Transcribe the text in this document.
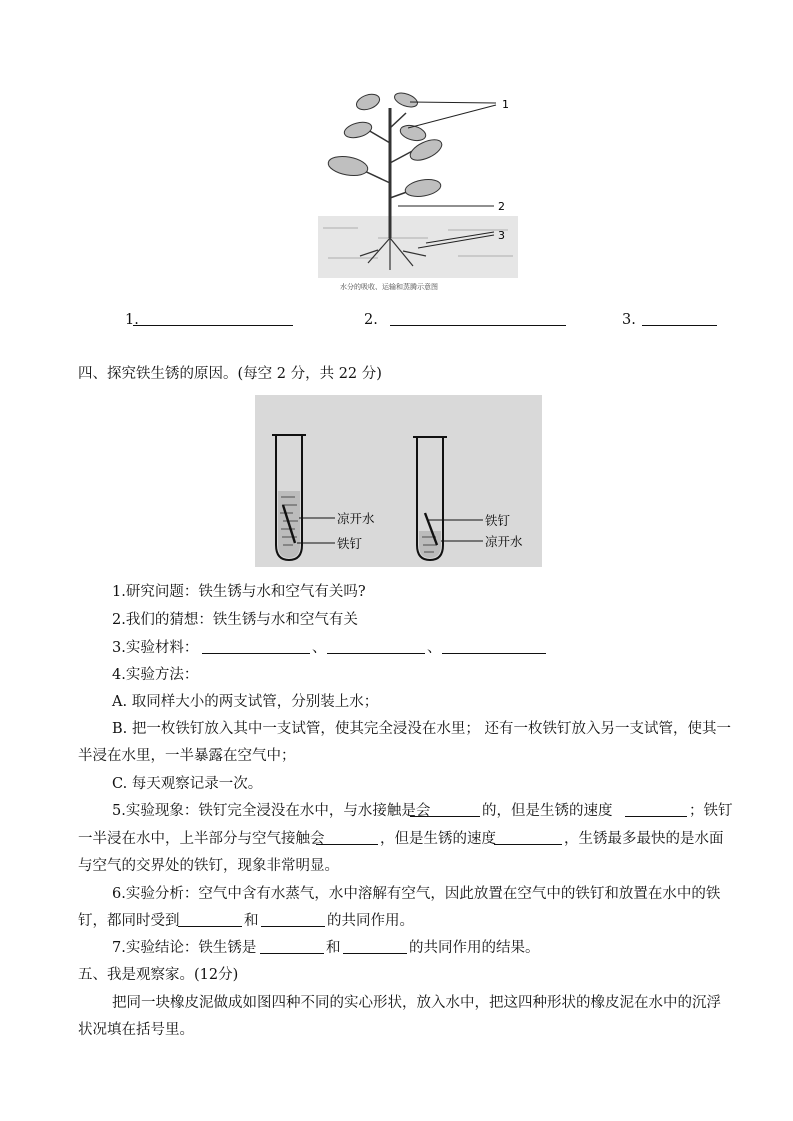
1
2
3
水分的吸收、运输和蒸腾示意图
1.	2.	3.
四、探究铁生锈的原因。(每空 2 分，共 22 分)
凉开水
铁钉
铁钉
凉开水
1.研究问题：铁生锈与水和空气有关吗?
2.我们的猜想：铁生锈与水和空气有关
3.实验材料：	、	、
4.实验方法：
A. 取同样大小的两支试管，分别装上水；
B. 把一枚铁钉放入其中一支试管，使其完全浸没在水里； 还有一枚铁钉放入另一支试管，使其一
半浸在水里，一半暴露在空气中；
C. 每天观察记录一次。
5.实验现象：铁钉完全浸没在水中，与水接触是会	的，但是生锈的速度	；铁钉
一半浸在水中，上半部分与空气接触会	，但是生锈的速度	，生锈最多最快的是水面
与空气的交界处的铁钉，现象非常明显。
6.实验分析：空气中含有水蒸气，水中溶解有空气，因此放置在空气中的铁钉和放置在水中的铁
钉，都同时受到	和	的共同作用。
7.实验结论：铁生锈是	和	的共同作用的结果。
五、我是观察家。(12分)
把同一块橡皮泥做成如图四种不同的实心形状，放入水中，把这四种形状的橡皮泥在水中的沉浮
状况填在括号里。
